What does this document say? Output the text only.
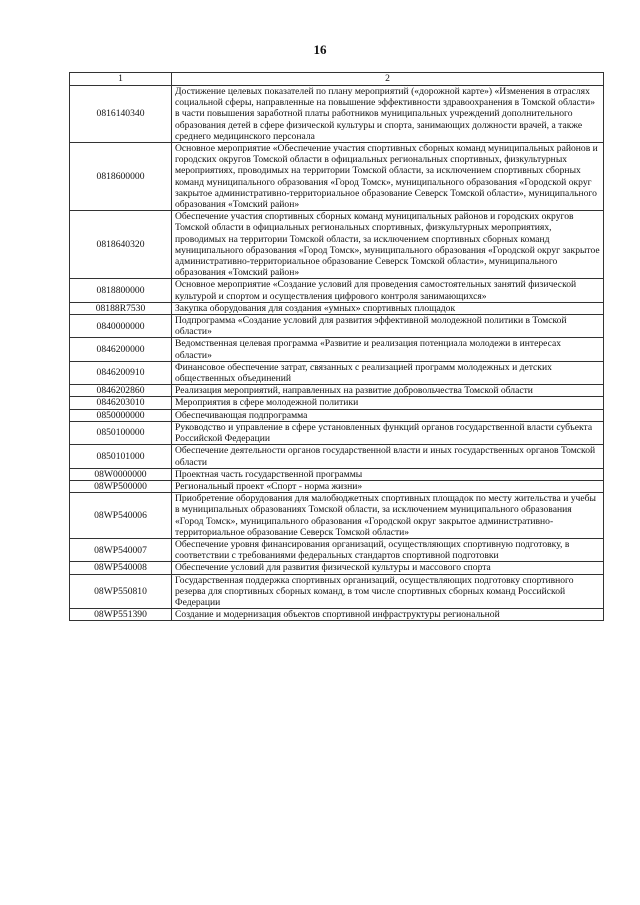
16
1	2
0816140340	Достижение целевых показателей по плану мероприятий («дорожной карте») «Изменения в отраслях социальной сферы, направленные на повышение эффективности здравоохранения в Томской области» в части повышения заработной платы работников муниципальных учреждений дополнительного образования детей в сфере физической культуры и спорта, занимающих должности врачей, а также среднего медицинского персонала
0818600000	Основное мероприятие «Обеспечение участия спортивных сборных команд муниципальных районов и городских округов Томской области в официальных региональных спортивных, физкультурных мероприятиях, проводимых на территории Томской области, за исключением спортивных сборных команд муниципального образования «Город Томск», муниципального образования «Городской округ закрытое административно-территориальное образование Северск Томской области», муниципального образования «Томский район»
0818640320	Обеспечение участия спортивных сборных команд муниципальных районов и городских округов Томской области в официальных региональных спортивных, физкультурных мероприятиях, проводимых на территории Томской области, за исключением спортивных сборных команд муниципального образования «Город Томск», муниципального образования «Городской округ закрытое административно-территориальное образование Северск Томской области», муниципального образования «Томский район»
0818800000	Основное мероприятие «Создание условий для проведения самостоятельных занятий физической культурой и спортом и осуществления цифрового контроля занимающихся»
08188R7530	Закупка оборудования для создания «умных» спортивных площадок
0840000000	Подпрограмма «Создание условий для развития эффективной молодежной политики в Томской области»
0846200000	Ведомственная целевая программа «Развитие и реализация потенциала молодежи в интересах области»
0846200910	Финансовое обеспечение затрат, связанных с реализацией программ молодежных и детских общественных объединений
0846202860	Реализация мероприятий, направленных на развитие добровольчества Томской области
0846203010	Мероприятия в сфере молодежной политики
0850000000	Обеспечивающая подпрограмма
0850100000	Руководство и управление в сфере установленных функций органов государственной власти субъекта Российской Федерации
0850101000	Обеспечение деятельности органов государственной власти и иных государственных органов Томской области
08W0000000	Проектная часть государственной программы
08WP500000	Региональный проект «Спорт - норма жизни»
08WP540006	Приобретение оборудования для малобюджетных спортивных площадок по месту жительства и учебы в муниципальных образованиях Томской области, за исключением муниципального образования «Город Томск», муниципального образования «Городской округ закрытое административно-территориальное образование Северск Томской области»
08WP540007	Обеспечение уровня финансирования организаций, осуществляющих спортивную подготовку, в соответствии с требованиями федеральных стандартов спортивной подготовки
08WP540008	Обеспечение условий для развития физической культуры и массового спорта
08WP550810	Государственная поддержка спортивных организаций, осуществляющих подготовку спортивного резерва для спортивных сборных команд, в том числе спортивных сборных команд Российской Федерации
08WP551390	Создание и модернизация объектов спортивной инфраструктуры региональной
